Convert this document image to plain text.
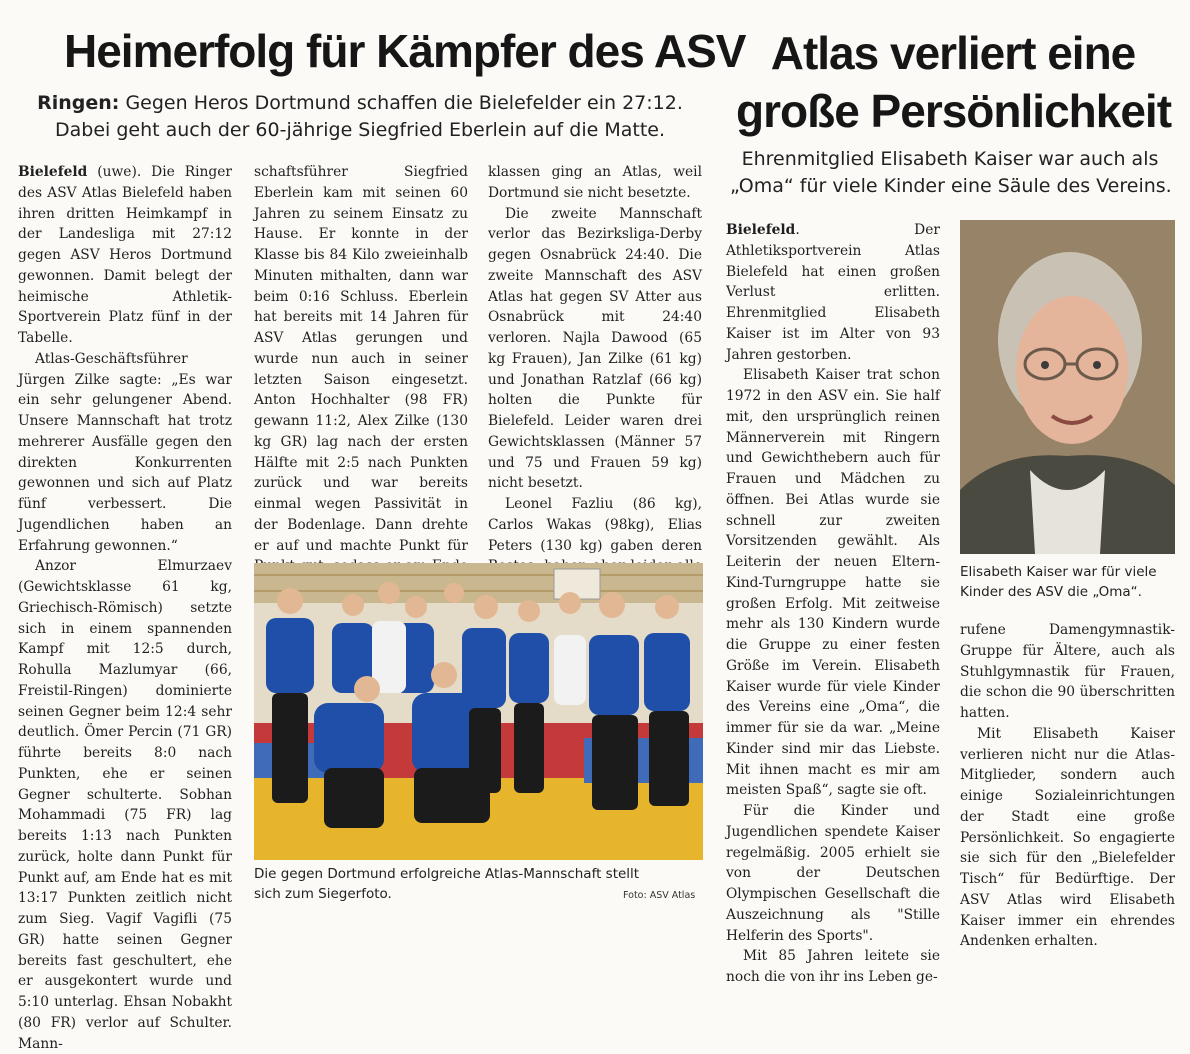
Heimerfolg für Kämpfer des ASV
Ringen: Gegen Heros Dortmund schaffen die Bielefelder ein 27:12.
Dabei geht auch der 60-jährige Siegfried Eberlein auf die Matte.

Bielefeld (uwe). Die Ringer des ASV Atlas Bielefeld haben ihren dritten Heimkampf in der Landesliga mit 27:12 gegen ASV Heros Dortmund gewonnen. Damit belegt der heimische Athletik-Sportverein Platz fünf in der Tabelle.

Atlas-Geschäftsführer Jürgen Zilke sagte: „Es war ein sehr gelungener Abend. Unsere Mannschaft hat trotz mehrerer Ausfälle gegen den direkten Konkurrenten gewonnen und sich auf Platz fünf verbessert. Die Jugendlichen haben an Erfahrung gewonnen.“

Anzor Elmurzaev (Gewichtsklasse 61 kg, Griechisch-Römisch) setzte sich in einem spannenden Kampf mit 12:5 durch, Rohulla Mazlumyar (66, Freistil-Ringen) dominierte seinen Gegner beim 12:4 sehr deutlich. Ömer Percin (71 GR) führte bereits 8:0 nach Punkten, ehe er seinen Gegner schulterte. Sobhan Mohammadi (75 FR) lag bereits 1:13 nach Punkten zurück, holte dann Punkt für Punkt auf, am Ende hat es mit 13:17 Punkten zeitlich nicht zum Sieg. Vagif Vagifli (75 GR) hatte seinen Gegner bereits fast geschultert, ehe er ausgekontert wurde und 5:10 unterlag. Ehsan Nobakht (80 FR) verlor auf Schulter. Mann-

schaftsführer Siegfried Eberlein kam mit seinen 60 Jahren zu seinem Einsatz zu Hause. Er konnte in der Klasse bis 84 Kilo zweieinhalb Minuten mithalten, dann war beim 0:16 Schluss. Eberlein hat bereits mit 14 Jahren für ASV Atlas gerungen und wurde nun auch in seiner letzten Saison eingesetzt. Anton Hochhalter (98 FR) gewann 11:2, Alex Zilke (130 kg GR) lag nach der ersten Hälfte mit 2:5 nach Punkten zurück und war bereits einmal wegen Passivität in der Bodenlage. Dann drehte er auf und machte Punkt für

klassen ging an Atlas, weil Dortmund sie nicht besetzte.

Die zweite Mannschaft verlor das Bezirksliga-Derby gegen Osnabrück 24:40. Die zweite Mannschaft des ASV Atlas hat gegen SV Atter aus Osnabrück mit 24:40 verloren. Najla Dawood (65 kg Frauen), Jan Zilke (61 kg) und Jonathan Ratzlaf (66 kg) holten die Punkte für Bielefeld. Leider waren drei Gewichtsklassen (Männer 57 und 75 und Frauen 59 kg) nicht besetzt.

Leonel Fazliu (86 kg), Carlos Wakas (98kg), Elias Peters (130 kg) gaben deren

Die gegen Dortmund erfolgreiche Atlas-Mannschaft stellt sich zum Siegerfoto.	Foto: ASV Atlas
Atlas verliert eine
große Persönlichkeit
Ehrenmitglied Elisabeth Kaiser war auch als
„Oma“ für viele Kinder eine Säule des Vereins.

Bielefeld. Der Athletiksportverein Atlas Bielefeld hat einen großen Verlust erlitten. Ehrenmitglied Elisabeth Kaiser ist im Alter von 93 Jahren gestorben.

Elisabeth Kaiser trat schon 1972 in den ASV ein. Sie half mit, den ursprünglich reinen Männerverein mit Ringern und Gewichthebern auch für Frauen und Mädchen zu öffnen. Bei Atlas wurde sie schnell zur zweiten Vorsitzenden gewählt. Als Leiterin der neuen Eltern-Kind-Turngruppe hatte sie großen Erfolg. Mit zeitweise mehr als 130 Kindern wurde die Gruppe zu einer festen Größe im Verein. Elisabeth Kaiser wurde für viele Kinder des Vereins eine „Oma“, die immer für sie da war. „Meine Kinder sind mir das Liebste. Mit ihnen macht es mir am meisten Spaß“, sagte sie oft.

Für die Kinder und Jugendlichen spendete Kaiser regelmäßig. 2005 erhielt sie von der Deutschen Olympischen Gesellschaft die Auszeichnung als "Stille Helferin des Sports".

Mit 85 Jahren leitete sie noch die von ihr ins Leben ge-

Elisabeth Kaiser war für viele Kinder des ASV die „Oma“.

rufene Damengymnastik-Gruppe für Ältere, auch als Stuhlgymnastik für Frauen, die schon die 90 überschritten hatten.

Mit Elisabeth Kaiser verlieren nicht nur die Atlas-Mitglieder, sondern auch einige Sozialeinrichtungen der Stadt eine große Persönlichkeit. So engagierte sie sich für den „Bielefelder Tisch“ für Bedürftige. Der ASV Atlas wird Elisabeth Kaiser immer ein ehrendes Andenken erhalten.
